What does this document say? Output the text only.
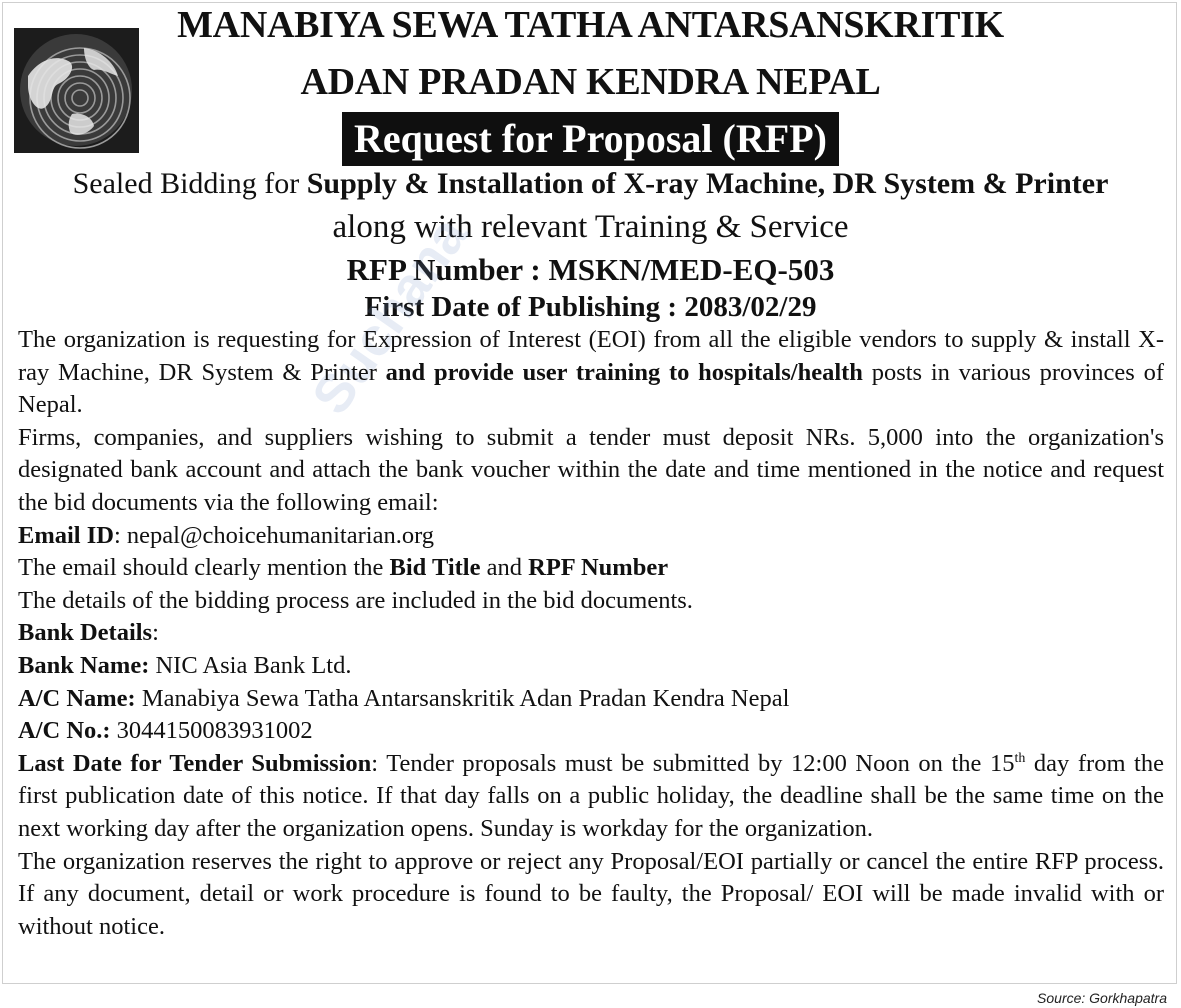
MANABIYA SEWA TATHA ANTARSANSKRITIK
ADAN PRADAN KENDRA NEPAL
Request for Proposal (RFP)
Sealed Bidding for Supply & Installation of X-ray Machine, DR System & Printer
along with relevant Training & Service
RFP Number : MSKN/MED-EQ-503
First Date of Publishing : 2083/02/29
Suchana

The organization is requesting for Expression of Interest (EOI) from all the eligible vendors to supply & install X-ray Machine, DR System & Printer and provide user training to hospitals/health posts in various provinces of Nepal.

Firms, companies, and suppliers wishing to submit a tender must deposit NRs. 5,000 into the organization's designated bank account and attach the bank voucher within the date and time mentioned in the notice and request the bid documents via the following email:

Email ID: nepal@choicehumanitarian.org

The email should clearly mention the Bid Title and RPF Number

The details of the bidding process are included in the bid documents.

Bank Details:

Bank Name: NIC Asia Bank Ltd.

A/C Name: Manabiya Sewa Tatha Antarsanskritik Adan Pradan Kendra Nepal

A/C No.: 3044150083931002

Last Date for Tender Submission: Tender proposals must be submitted by 12:00 Noon on the 15th day from the first publication date of this notice. If that day falls on a public holiday, the deadline shall be the same time on the next working day after the organization opens. Sunday is workday for the organization.

The organization reserves the right to approve or reject any Proposal/EOI partially or cancel the entire RFP process. If any document, detail or work procedure is found to be faulty, the Proposal/ EOI will be made invalid with or without notice.

Source: Gorkhapatra
